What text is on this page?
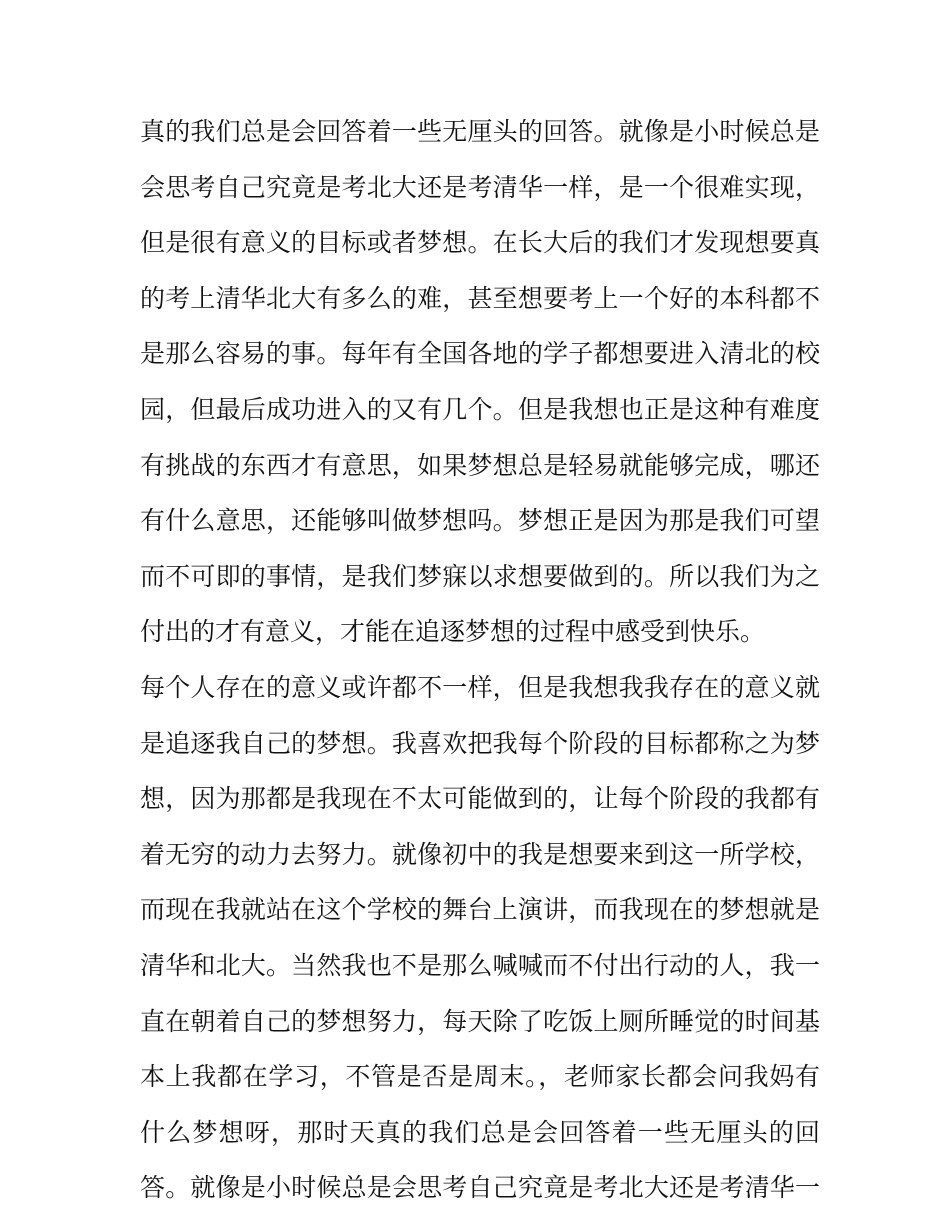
真的我们总是会回答着一些无厘头的回答。就像是小时候总是
会思考自己究竟是考北大还是考清华一样，是一个很难实现，
但是很有意义的目标或者梦想。在长大后的我们才发现想要真
的考上清华北大有多么的难，甚至想要考上一个好的本科都不
是那么容易的事。每年有全国各地的学子都想要进入清北的校
园，但最后成功进入的又有几个。但是我想也正是这种有难度
有挑战的东西才有意思，如果梦想总是轻易就能够完成，哪还
有什么意思，还能够叫做梦想吗。梦想正是因为那是我们可望
而不可即的事情，是我们梦寐以求想要做到的。所以我们为之
付出的才有意义，才能在追逐梦想的过程中感受到快乐。
每个人存在的意义或许都不一样，但是我想我我存在的意义就
是追逐我自己的梦想。我喜欢把我每个阶段的目标都称之为梦
想，因为那都是我现在不太可能做到的，让每个阶段的我都有
着无穷的动力去努力。就像初中的我是想要来到这一所学校，
而现在我就站在这个学校的舞台上演讲，而我现在的梦想就是
清华和北大。当然我也不是那么喊喊而不付出行动的人，我一
直在朝着自己的梦想努力，每天除了吃饭上厕所睡觉的时间基
本上我都在学习，不管是否是周末。，老师家长都会问我妈有
什么梦想呀，那时天真的我们总是会回答着一些无厘头的回
答。就像是小时候总是会思考自己究竟是考北大还是考清华一
